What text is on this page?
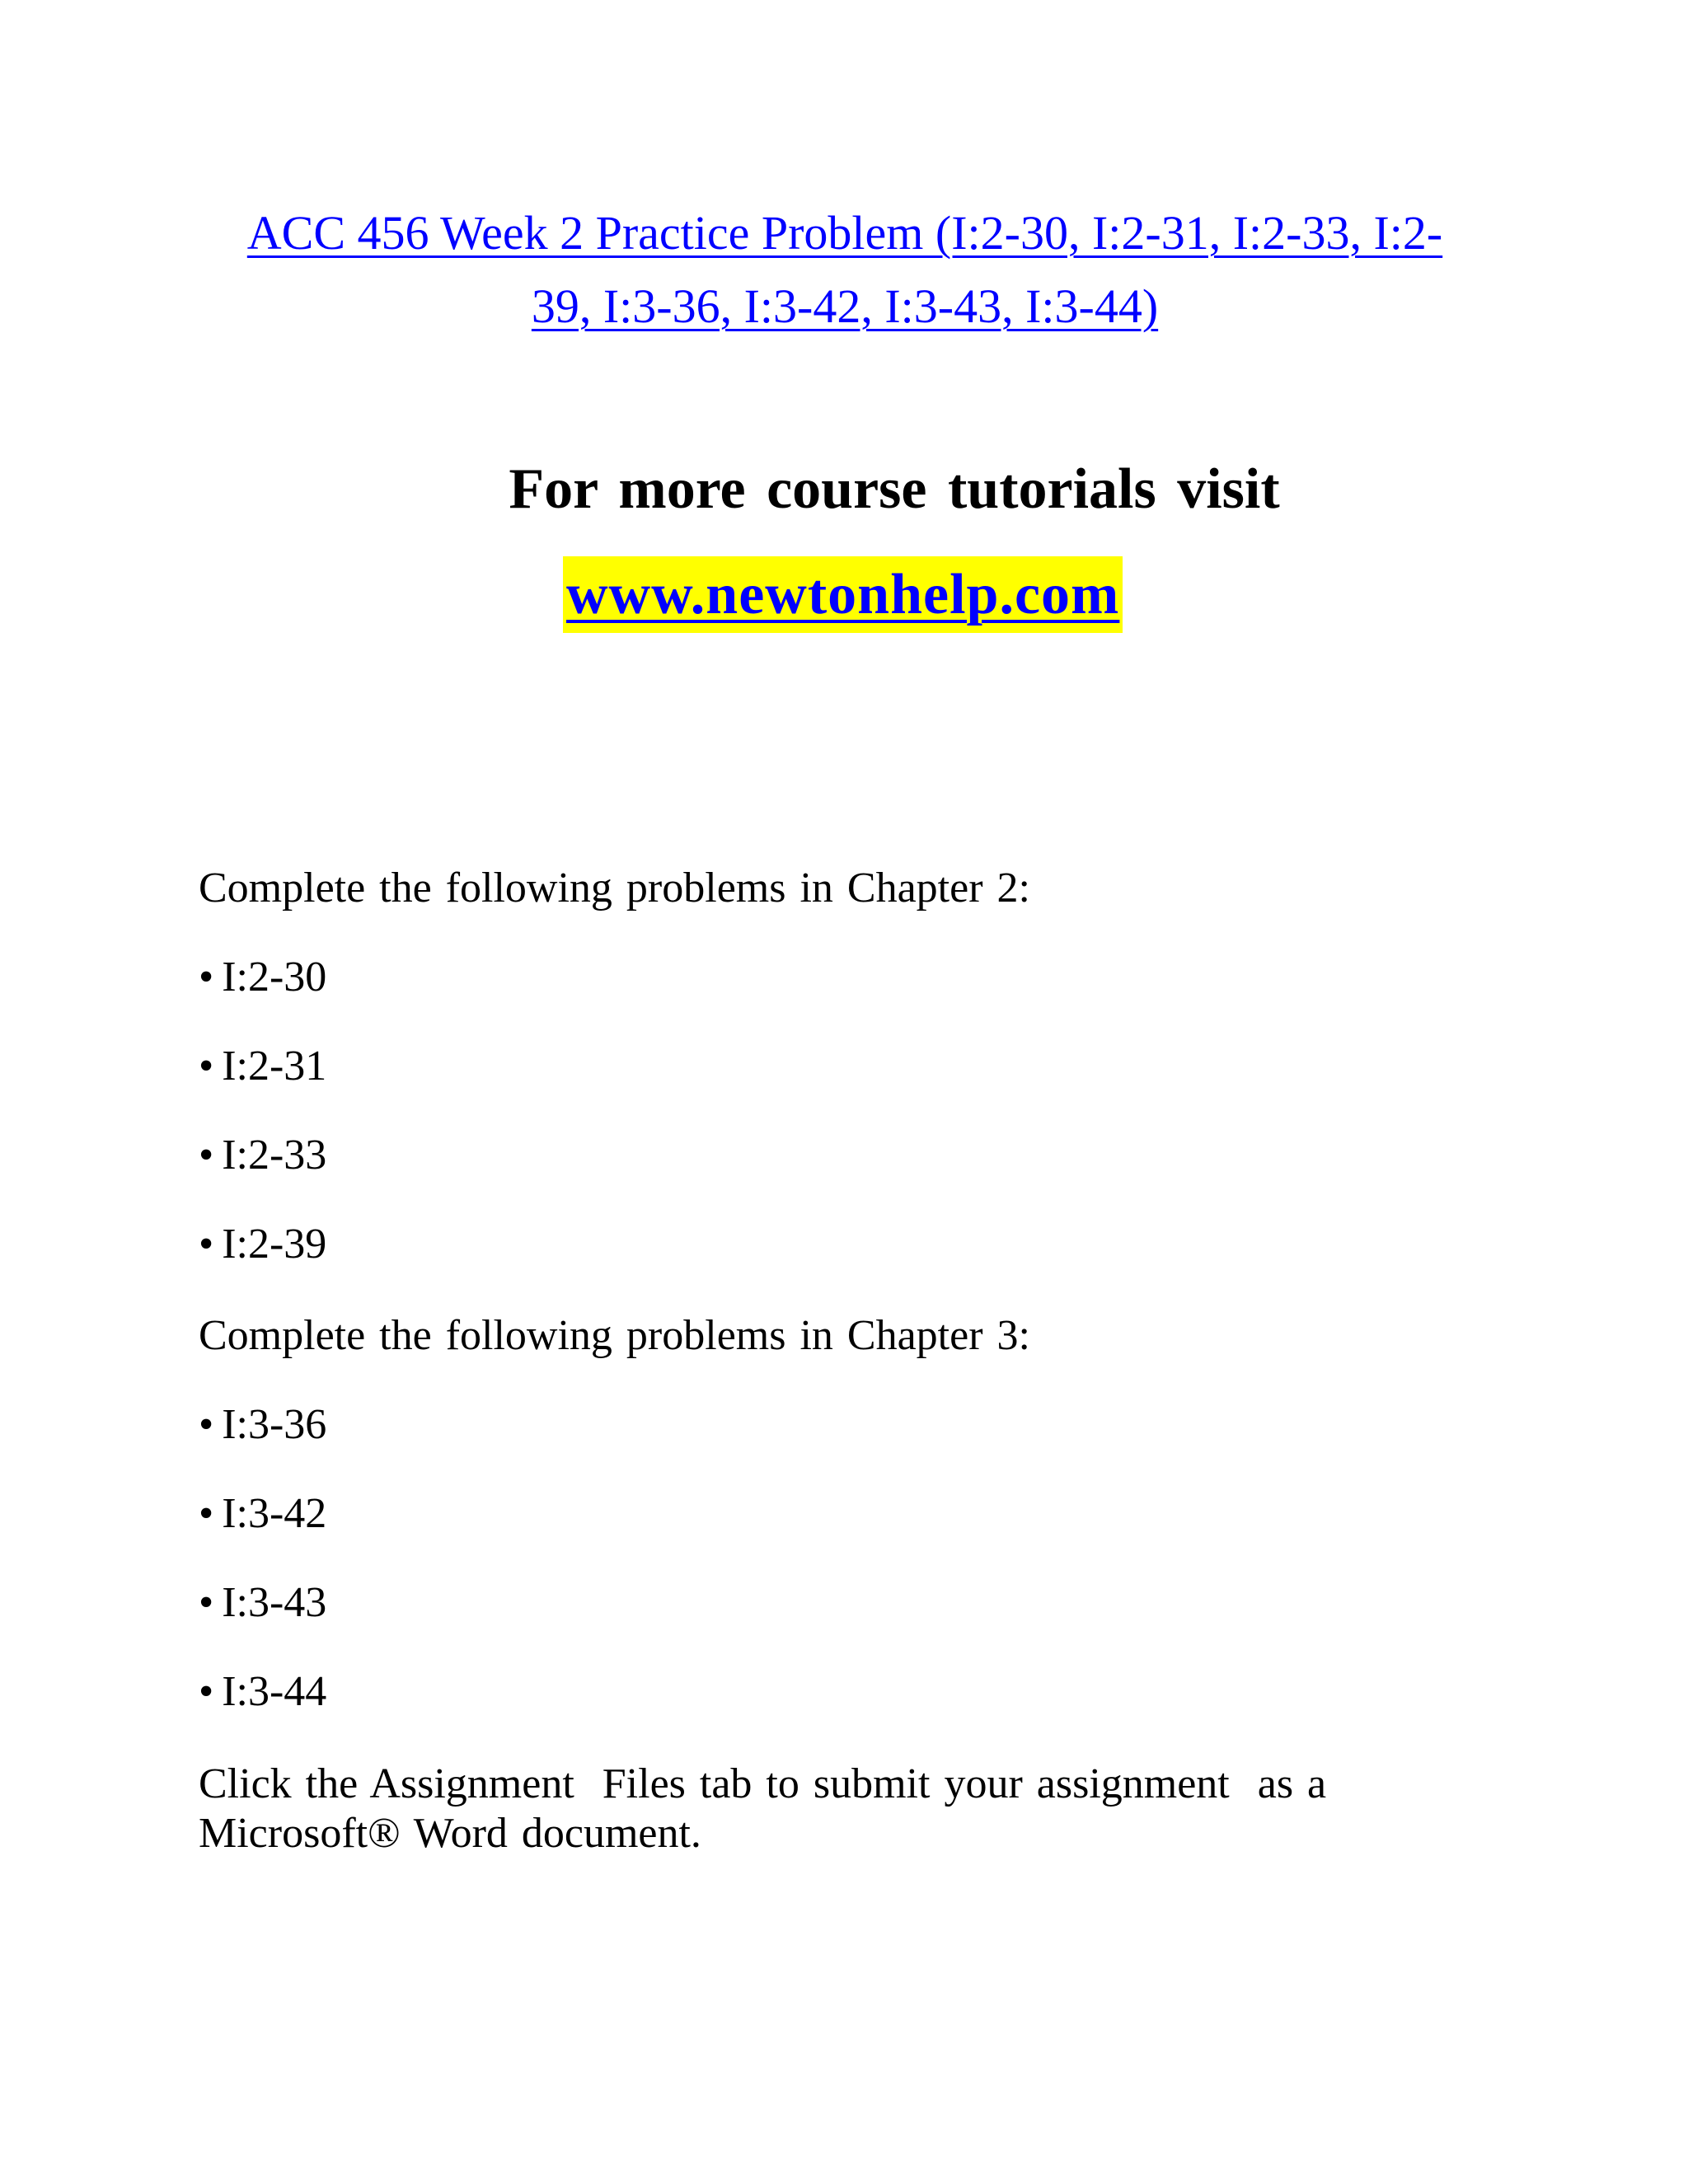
ACC 456 Week 2 Practice Problem (I:2-30, I:2-31, I:2-33, I:2-
39, I:3-36, I:3-42, I:3-43, I:3-44)
For more course tutorials visit
www.newtonhelp.com
Complete the following problems in Chapter 2:
• I:2-30
• I:2-31
• I:2-33
• I:2-39
Complete the following problems in Chapter 3:
• I:3-36
• I:3-42
• I:3-43
• I:3-44
Click the Assignment  Files tab to submit your assignment  as a
Microsoft® Word document.
